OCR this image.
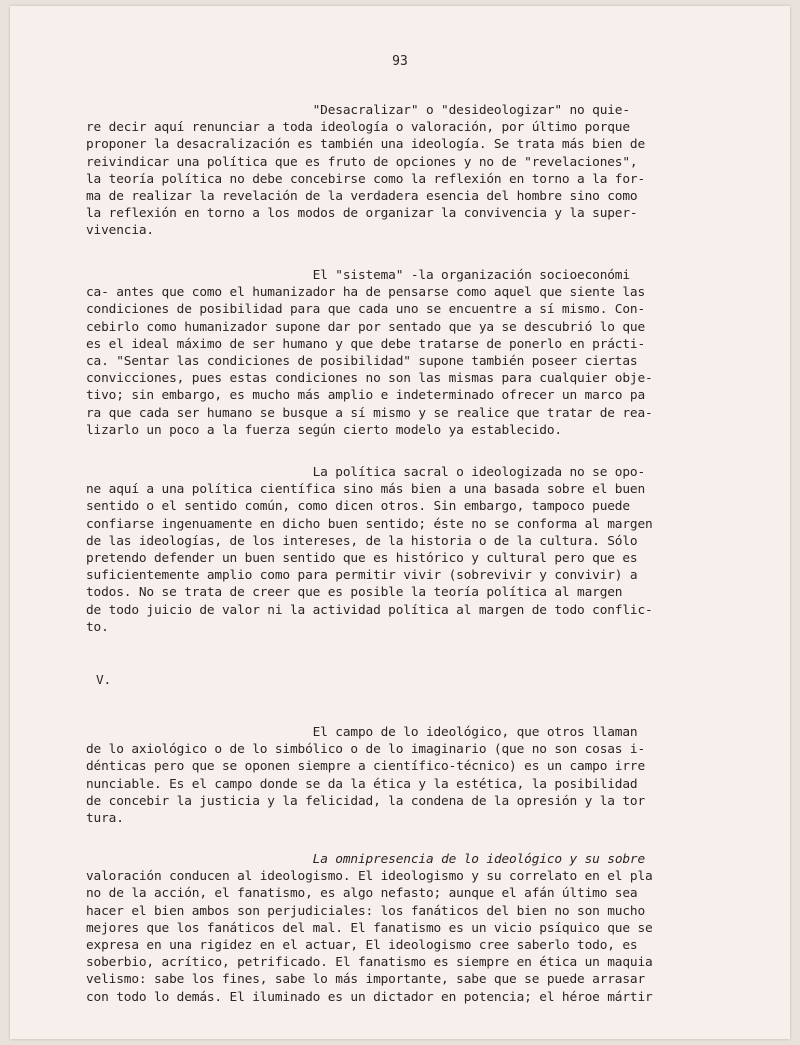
93

"Desacralizar" o "desideologizar" no quie-
re decir aquí renunciar a toda ideología o valoración, por último porque
proponer la desacralización es también una ideología. Se trata más bien de
reivindicar una política que es fruto de opciones y no de "revelaciones",
la teoría política no debe concebirse como la reflexión en torno a la for-
ma de realizar la revelación de la verdadera esencia del hombre sino como
la reflexión en torno a los modos de organizar la convivencia y la super-
vivencia.

El "sistema" -la organización socioeconómi
ca- antes que como el humanizador ha de pensarse como aquel que siente las
condiciones de posibilidad para que cada uno se encuentre a sí mismo. Con-
cebirlo como humanizador supone dar por sentado que ya se descubrió lo que
es el ideal máximo de ser humano y que debe tratarse de ponerlo en prácti-
ca. "Sentar las condiciones de posibilidad" supone también poseer ciertas
convicciones, pues estas condiciones no son las mismas para cualquier obje-
tivo; sin embargo, es mucho más amplio e indeterminado ofrecer un marco pa
ra que cada ser humano se busque a sí mismo y se realice que tratar de rea-
lizarlo un poco a la fuerza según cierto modelo ya establecido.

La política sacral o ideologizada no se opo-
ne aquí a una política científica sino más bien a una basada sobre el buen
sentido o el sentido común, como dicen otros. Sin embargo, tampoco puede
confiarse ingenuamente en dicho buen sentido; éste no se conforma al margen
de las ideologías, de los intereses, de la historia o de la cultura. Sólo
pretendo defender un buen sentido que es histórico y cultural pero que es
suficientemente amplio como para permitir vivir (sobrevivir y convivir) a
todos. No se trata de creer que es posible la teoría política al margen
de todo juicio de valor ni la actividad política al margen de todo conflic-
to.

V.

El campo de lo ideológico, que otros llaman
de lo axiológico o de lo simbólico o de lo imaginario (que no son cosas i-
dénticas pero que se oponen siempre a científico-técnico) es un campo irre
nunciable. Es el campo donde se da la ética y la estética, la posibilidad
de concebir la justicia y la felicidad, la condena de la opresión y la tor
tura.

La omnipresencia de lo ideológico y su sobre
valoración conducen al ideologismo. El ideologismo y su correlato en el pla
no de la acción, el fanatismo, es algo nefasto; aunque el afán último sea
hacer el bien ambos son perjudiciales: los fanáticos del bien no son mucho
mejores que los fanáticos del mal. El fanatismo es un vicio psíquico que se
expresa en una rigidez en el actuar, El ideologismo cree saberlo todo, es
soberbio, acrítico, petrificado. El fanatismo es siempre en ética un maquia
velismo: sabe los fines, sabe lo más importante, sabe que se puede arrasar
con todo lo demás. El iluminado es un dictador en potencia; el héroe mártir
